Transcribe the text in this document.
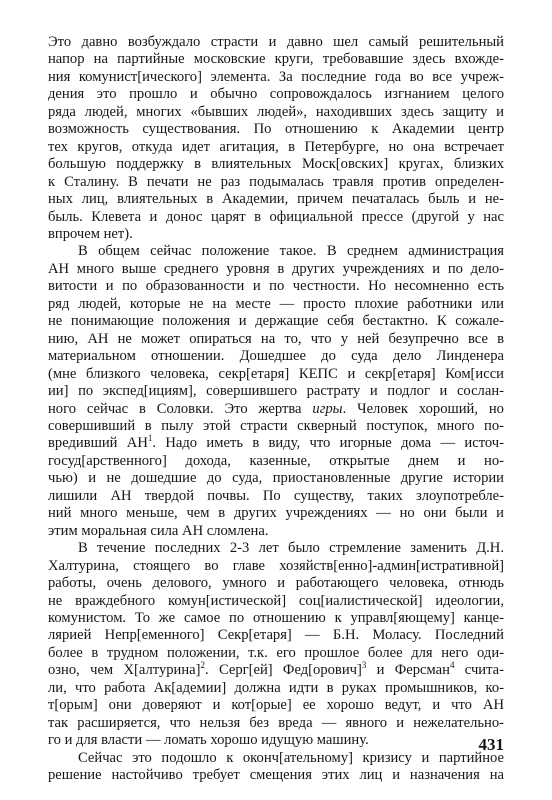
Это давно возбуждало страсти и давно шел самый решительный
напор на партийные московские круги, требовавшие здесь вхожде-
ния комунист[ического] элемента. За последние года во все учреж-
дения это прошло и обычно сопровождалось изгнанием целого
ряда людей, многих «бывших людей», находивших здесь защиту и
возможность существования. По отношению к Академии центр
тех кругов, откуда идет агитация, в Петербурге, но она встречает
большую поддержку в влиятельных Моск[овских] кругах, близких
к Сталину. В печати не раз подымалась травля против определен-
ных лиц, влиятельных в Академии, причем печаталась быль и не-
быль. Клевета и донос царят в официальной прессе (другой у нас
впрочем нет).

В общем сейчас положение такое. В среднем администрация
АН много выше среднего уровня в других учреждениях и по дело-
витости и по образованности и по честности. Но несомненно есть
ряд людей, которые не на месте — просто плохие работники или
не понимающие положения и держащие себя бестактно. К сожале-
нию, АН не может опираться на то, что у ней безупречно все в
материальном отношении. Дошедшее до суда дело Линденера
(мне близкого человека, секр[етаря] КЕПС и секр[етаря] Ком[исси
ии] по экспед[ициям], совершившего растрату и подлог и сослан-
ного сейчас в Соловки. Это жертва игры. Человек хороший, но
совершивший в пылу этой страсти скверный поступок, много по-
вредивший $АН^1$. Надо иметь в виду, что игорные дома — источ-
госуд[арственного] дохода, казенные, открытые днем и но-
чью) и не дошедшие до суда, приостановленные другие истории
лишили АН твердой почвы. По существу, таких злоупотребле-
ний много меньше, чем в других учреждениях — но они были и
этим моральная сила АН сломлена.

В течение последних 2-3 лет было стремление заменить Д.Н.
Халтурина, стоящего во главе хозяйств[енно]-админ[истративной]
работы, очень делового, умного и работающего человека, отнюдь
не враждебного комун[истической] соц[иалистической] идеологии,
комунистом. То же самое по отношению к управл[яющему] канце-
лярией Непр[еменного] Секр[етаря] — Б.Н. Моласу. Последний
более в трудном положении, т.к. его прошлое более для него оди-
озно, чем Х[алтурина]$^2$. Серг[ей] Фед[орович]$^3$ и Ферсман$^4$ счита-
ли, что работа Ак[адемии] должна идти в руках промышников, ко-
т[орым] они доверяют и кот[орые] ее хорошо ведут, и что АН
так расширяется, что нельзя без вреда — явного и нежелательно-
го и для власти — ломать хорошо идущую машину.

Сейчас это подошло к оконч[ательному] кризису и партийное
решение настойчиво требует смещения этих лиц и назначения на

431
